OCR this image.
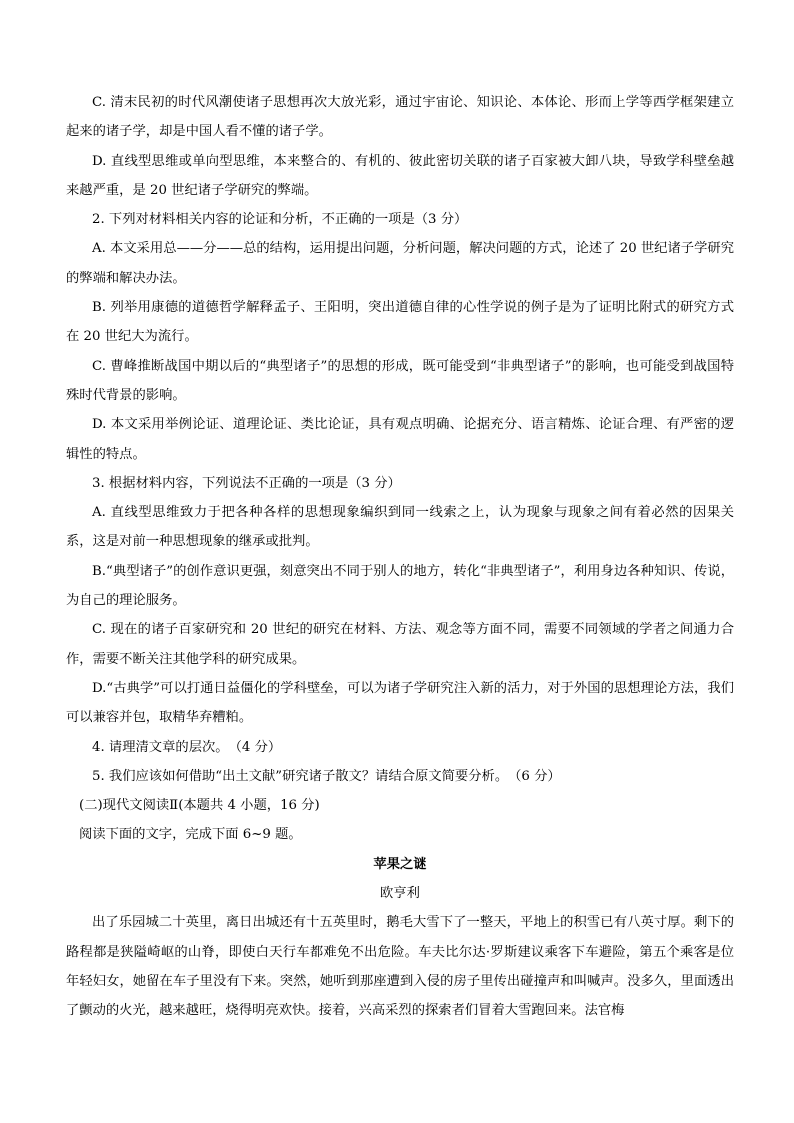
C. 清末民初的时代风潮使诸子思想再次大放光彩，通过宇宙论、知识论、本体论、形而上学等西学框架建立起来的诸子学，却是中国人看不懂的诸子学。

D. 直线型思维或单向型思维，本来整合的、有机的、彼此密切关联的诸子百家被大卸八块，导致学科壁垒越来越严重，是 20 世纪诸子学研究的弊端。

2. 下列对材料相关内容的论证和分析，不正确的一项是（3 分）

A. 本文采用总——分——总的结构，运用提出问题，分析问题，解决问题的方式，论述了 20 世纪诸子学研究的弊端和解决办法。

B. 列举用康德的道德哲学解释孟子、王阳明，突出道德自律的心性学说的例子是为了证明比附式的研究方式在 20 世纪大为流行。

C. 曹峰推断战国中期以后的“典型诸子”的思想的形成，既可能受到“非典型诸子”的影响，也可能受到战国特殊时代背景的影响。

D. 本文采用举例论证、道理论证、类比论证，具有观点明确、论据充分、语言精炼、论证合理、有严密的逻辑性的特点。

3. 根据材料内容，下列说法不正确的一项是（3 分）

A. 直线型思维致力于把各种各样的思想现象编织到同一线索之上，认为现象与现象之间有着必然的因果关系，这是对前一种思想现象的继承或批判。

B.“典型诸子”的创作意识更强，刻意突出不同于别人的地方，转化“非典型诸子”，利用身边各种知识、传说，为自己的理论服务。

C. 现在的诸子百家研究和 20 世纪的研究在材料、方法、观念等方面不同，需要不同领域的学者之间通力合作，需要不断关注其他学科的研究成果。

D.“古典学”可以打通日益僵化的学科壁垒，可以为诸子学研究注入新的活力，对于外国的思想理论方法，我们可以兼容并包，取精华弃糟粕。

4. 请理清文章的层次。　（4 分）

5. 我们应该如何借助“出土文献”研究诸子散文？请结合原文简要分析。　（6 分）

(二)现代文阅读Ⅱ(本题共 4 小题，16 分)

阅读下面的文字，完成下面 6~9 题。

苹果之谜

欧亨利

出了乐园城二十英里，离日出城还有十五英里时，鹅毛大雪下了一整天，平地上的积雪已有八英寸厚。剩下的路程都是狭隘崎岖的山脊，即使白天行车都难免不出危险。车夫比尔达·罗斯建议乘客下车避险，第五个乘客是位年轻妇女，她留在车子里没有下来。突然，她听到那座遭到入侵的房子里传出碰撞声和叫喊声。没多久，里面透出了颤动的火光，越来越旺，烧得明亮欢快。接着，兴高采烈的探索者们冒着大雪跑回来。法官梅
